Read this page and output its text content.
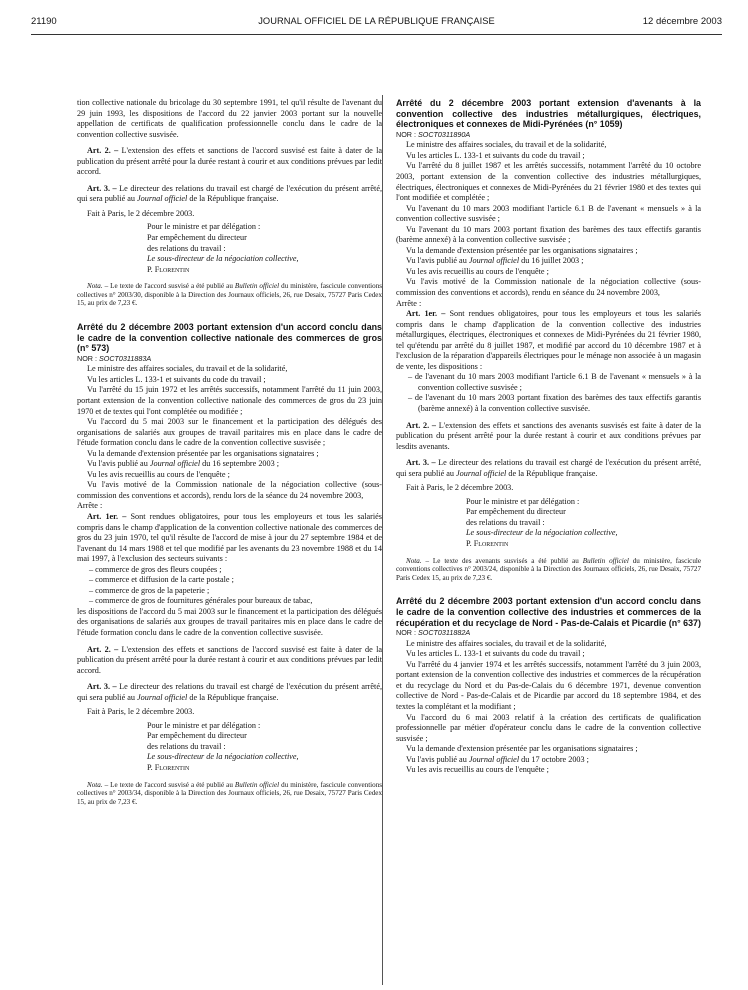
21190	JOURNAL OFFICIEL DE LA RÉPUBLIQUE FRANÇAISE	12 décembre 2003

tion collective nationale du bricolage du 30 septembre 1991, tel qu'il résulte de l'avenant du 29 juin 1993, les dispositions de l'accord du 22 janvier 2003 portant sur la nouvelle appellation de certificats de qualification professionnelle conclu dans le cadre de la convention collective susvisée.

Art. 2. – L'extension des effets et sanctions de l'accord susvisé est faite à dater de la publication du présent arrêté pour la durée restant à courir et aux conditions prévues par ledit accord.

Art. 3. – Le directeur des relations du travail est chargé de l'exécution du présent arrêté, qui sera publié au Journal officiel de la République française.

Fait à Paris, le 2 décembre 2003.

Pour le ministre et par délégation :

Par empêchement du directeur

des relations du travail :

Le sous-directeur de la négociation collective,

P. Florentin

Nota. – Le texte de l'accord susvisé a été publié au Bulletin officiel du ministère, fascicule conventions collectives n° 2003/30, disponible à la Direction des Journaux officiels, 26, rue Desaix, 75727 Paris Cedex 15, au prix de 7,23 €.

Arrêté du 2 décembre 2003 portant extension d'un accord conclu dans le cadre de la convention collective nationale des commerces de gros (n° 573)

NOR : SOCT0311883A

Le ministre des affaires sociales, du travail et de la solidarité,

Vu les articles L. 133-1 et suivants du code du travail ;

Vu l'arrêté du 15 juin 1972 et les arrêtés successifs, notamment l'arrêté du 11 juin 2003, portant extension de la convention collective nationale des commerces de gros du 23 juin 1970 et de textes qui l'ont complétée ou modifiée ;

Vu l'accord du 5 mai 2003 sur le financement et la participation des délégués des organisations de salariés aux groupes de travail paritaires mis en place dans le cadre de l'étude formation conclu dans le cadre de la convention collective susvisée ;

Vu la demande d'extension présentée par les organisations signataires ;

Vu l'avis publié au Journal officiel du 16 septembre 2003 ;

Vu les avis recueillis au cours de l'enquête ;

Vu l'avis motivé de la Commission nationale de la négociation collective (sous-commission des conventions et accords), rendu lors de la séance du 24 novembre 2003,

Arrête :

Art. 1er. – Sont rendues obligatoires, pour tous les employeurs et tous les salariés compris dans le champ d'application de la convention collective nationale des commerces de gros du 23 juin 1970, tel qu'il résulte de l'accord de mise à jour du 27 septembre 1984 et de l'avenant du 14 mars 1988 et tel que modifié par les avenants du 23 novembre 1988 et du 14 mai 1997, à l'exclusion des secteurs suivants :

– commerce de gros des fleurs coupées ;

– commerce et diffusion de la carte postale ;

– commerce de gros de la papeterie ;

– commerce de gros de fournitures générales pour bureaux de tabac,

les dispositions de l'accord du 5 mai 2003 sur le financement et la participation des délégués des organisations de salariés aux groupes de travail paritaires mis en place dans le cadre de l'étude formation conclu dans le cadre de la convention collective susvisée.

Art. 2. – L'extension des effets et sanctions de l'accord susvisé est faite à dater de la publication du présent arrêté pour la durée restant à courir et aux conditions prévues par ledit accord.

Art. 3. – Le directeur des relations du travail est chargé de l'exécution du présent arrêté, qui sera publié au Journal officiel de la République française.

Fait à Paris, le 2 décembre 2003.

Pour le ministre et par délégation :

Par empêchement du directeur

des relations du travail :

Le sous-directeur de la négociation collective,

P. Florentin

Nota. – Le texte de l'accord susvisé a été publié au Bulletin officiel du ministère, fascicule conventions collectives n° 2003/34, disponible à la Direction des Journaux officiels, 26, rue Desaix, 75727 Paris Cedex 15, au prix de 7,23 €.

Arrêté du 2 décembre 2003 portant extension d'avenants à la convention collective des industries métallurgiques, électriques, électroniques et connexes de Midi-Pyrénées (n° 1059)

NOR : SOCT0311890A

Le ministre des affaires sociales, du travail et de la solidarité,

Vu les articles L. 133-1 et suivants du code du travail ;

Vu l'arrêté du 8 juillet 1987 et les arrêtés successifs, notamment l'arrêté du 10 octobre 2003, portant extension de la convention collective des industries métallurgiques, électriques, électroniques et connexes de Midi-Pyrénées du 21 février 1980 et des textes qui l'ont modifiée et complétée ;

Vu l'avenant du 10 mars 2003 modifiant l'article 6.1 B de l'avenant « mensuels » à la convention collective susvisée ;

Vu l'avenant du 10 mars 2003 portant fixation des barèmes des taux effectifs garantis (barème annexé) à la convention collective susvisée ;

Vu la demande d'extension présentée par les organisations signataires ;

Vu l'avis publié au Journal officiel du 16 juillet 2003 ;

Vu les avis recueillis au cours de l'enquête ;

Vu l'avis motivé de la Commission nationale de la négociation collective (sous-commission des conventions et accords), rendu en séance du 24 novembre 2003,

Arrête :

Art. 1er. – Sont rendues obligatoires, pour tous les employeurs et tous les salariés compris dans le champ d'application de la convention collective des industries métallurgiques, électriques, électroniques et connexes de Midi-Pyrénées du 21 février 1980, tel qu'étendu par arrêté du 8 juillet 1987, et modifié par accord du 10 décembre 1987 et à l'exclusion de la réparation d'appareils électriques pour le ménage non associée à un magasin de vente, les dispositions :

– de l'avenant du 10 mars 2003 modifiant l'article 6.1 B de l'avenant « mensuels » à la convention collective susvisée ;

– de l'avenant du 10 mars 2003 portant fixation des barèmes des taux effectifs garantis (barème annexé) à la convention collective susvisée.

Art. 2. – L'extension des effets et sanctions des avenants susvisés est faite à dater de la publication du présent arrêté pour la durée restant à courir et aux conditions prévues par lesdits avenants.

Art. 3. – Le directeur des relations du travail est chargé de l'exécution du présent arrêté, qui sera publié au Journal officiel de la République française.

Fait à Paris, le 2 décembre 2003.

Pour le ministre et par délégation :

Par empêchement du directeur

des relations du travail :

Le sous-directeur de la négociation collective,

P. Florentin

Nota. – Le texte des avenants susvisés a été publié au Bulletin officiel du ministère, fascicule conventions collectives n° 2003/24, disponible à la Direction des Journaux officiels, 26, rue Desaix, 75727 Paris Cedex 15, au prix de 7,23 €.

Arrêté du 2 décembre 2003 portant extension d'un accord conclu dans le cadre de la convention collective des industries et commerces de la récupération et du recyclage de Nord - Pas-de-Calais et Picardie (n° 637)

NOR : SOCT0311882A

Le ministre des affaires sociales, du travail et de la solidarité,

Vu les articles L. 133-1 et suivants du code du travail ;

Vu l'arrêté du 4 janvier 1974 et les arrêtés successifs, notamment l'arrêté du 3 juin 2003, portant extension de la convention collective des industries et commerces de la récupération et du recyclage du Nord et du Pas-de-Calais du 6 décembre 1971, devenue convention collective de Nord - Pas-de-Calais et de Picardie par accord du 18 septembre 1984, et des textes la complétant et la modifiant ;

Vu l'accord du 6 mai 2003 relatif à la création des certificats de qualification professionnelle par métier d'opérateur conclu dans le cadre de la convention collective susvisée ;

Vu la demande d'extension présentée par les organisations signataires ;

Vu l'avis publié au Journal officiel du 17 octobre 2003 ;

Vu les avis recueillis au cours de l'enquête ;
